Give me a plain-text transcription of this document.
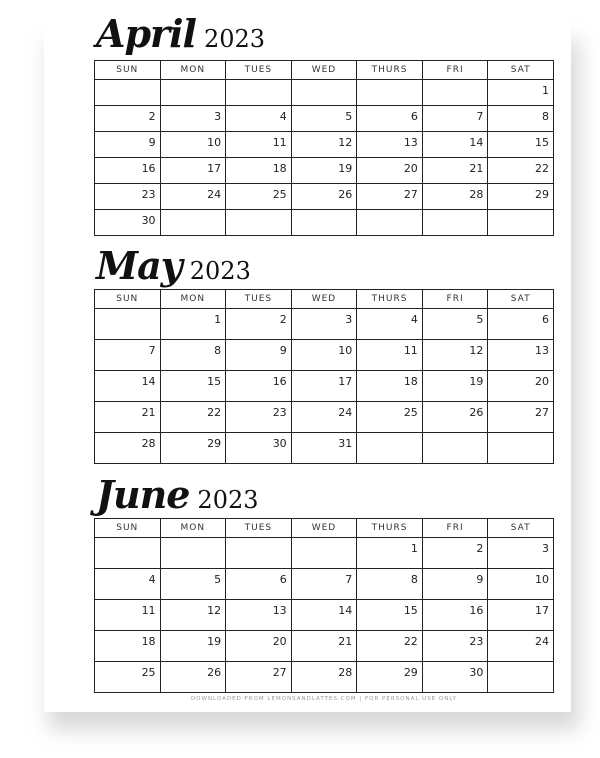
April 2023
SUN	MON	TUES	WED	THURS	FRI	SAT
						1
2	3	4	5	6	7	8
9	10	11	12	13	14	15
16	17	18	19	20	21	22
23	24	25	26	27	28	29
30						
May 2023
SUN	MON	TUES	WED	THURS	FRI	SAT
	1	2	3	4	5	6
7	8	9	10	11	12	13
14	15	16	17	18	19	20
21	22	23	24	25	26	27
28	29	30	31			
June 2023
SUN	MON	TUES	WED	THURS	FRI	SAT
				1	2	3
4	5	6	7	8	9	10
11	12	13	14	15	16	17
18	19	20	21	22	23	24
25	26	27	28	29	30	
DOWNLOADED FROM LEMONSANDLATTES.COM | FOR PERSONAL USE ONLY
